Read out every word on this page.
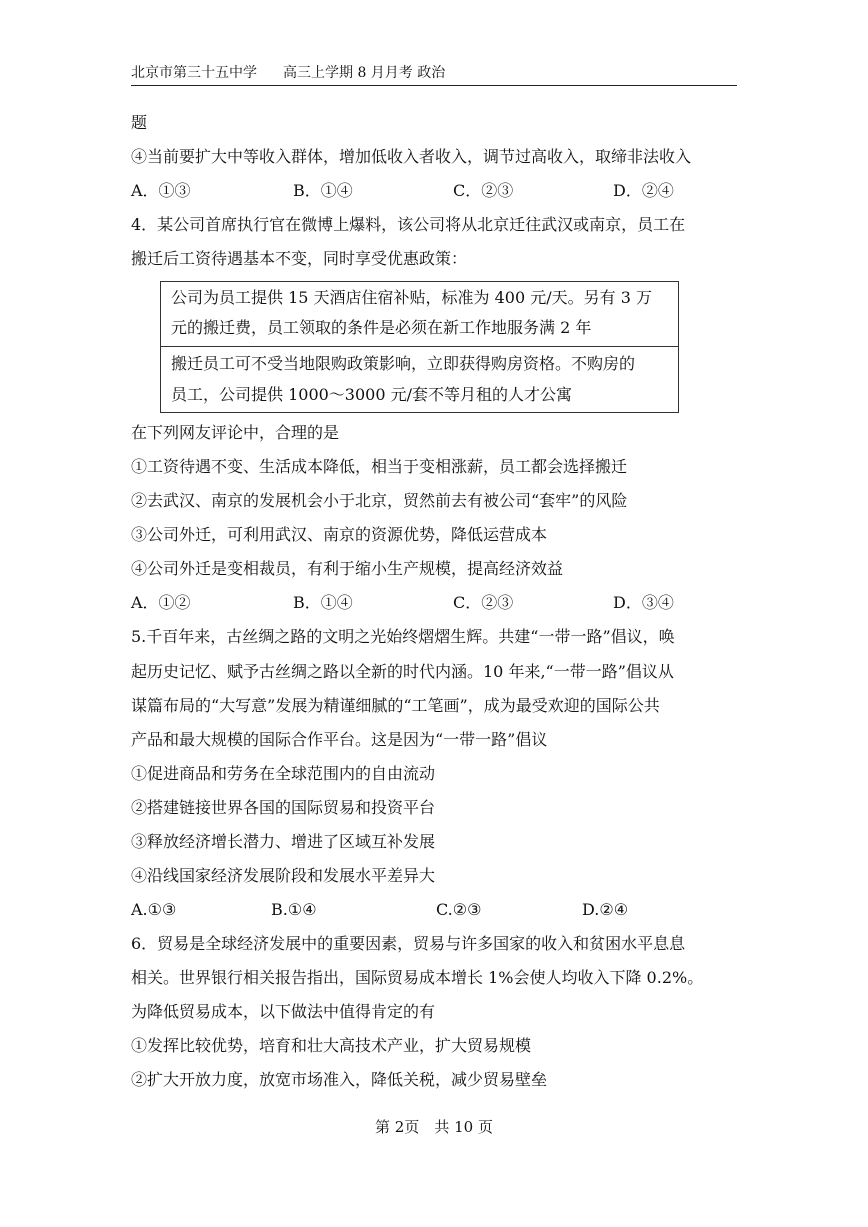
北京市第三十五中学 高三上学期 8 月月考 政治
题
④当前要扩大中等收入群体，增加低收入者收入，调节过高收入，取缔非法收入
A．①③	B．①④	C．②③	D．②④
4．某公司首席执行官在微博上爆料，该公司将从北京迁往武汉或南京，员工在
搬迁后工资待遇基本不变，同时享受优惠政策：
公司为员工提供 15 天酒店住宿补贴，标准为 400 元/天。另有 3 万
元的搬迁费，员工领取的条件是必须在新工作地服务满 2 年
搬迁员工可不受当地限购政策影响，立即获得购房资格。不购房的
员工，公司提供 1000～3000 元/套不等月租的人才公寓
在下列网友评论中，合理的是
①工资待遇不变、生活成本降低，相当于变相涨薪，员工都会选择搬迁
②去武汉、南京的发展机会小于北京，贸然前去有被公司“套牢”的风险
③公司外迁，可利用武汉、南京的资源优势，降低运营成本
④公司外迁是变相裁员，有利于缩小生产规模，提高经济效益
A．①②	B．①④	C．②③	D．③④
5.千百年来，古丝绸之路的文明之光始终熠熠生辉。共建“一带一路”倡议，唤
起历史记忆、赋予古丝绸之路以全新的时代内涵。10 年来,“一带一路”倡议从
谋篇布局的“大写意”发展为精谨细腻的“工笔画”，成为最受欢迎的国际公共
产品和最大规模的国际合作平台。这是因为“一带一路”倡议
①促进商品和劳务在全球范围内的自由流动
②搭建链接世界各国的国际贸易和投资平台
③释放经济增长潜力、增进了区域互补发展
④沿线国家经济发展阶段和发展水平差异大
A.①③	B.①④	C.②③	D.②④
6．贸易是全球经济发展中的重要因素，贸易与许多国家的收入和贫困水平息息
相关。世界银行相关报告指出，国际贸易成本增长 1%会使人均收入下降 0.2%。
为降低贸易成本，以下做法中值得肯定的有
①发挥比较优势，培育和壮大高技术产业，扩大贸易规模
②扩大开放力度，放宽市场准入，降低关税，减少贸易壁垒
第 2页　共 10 页
